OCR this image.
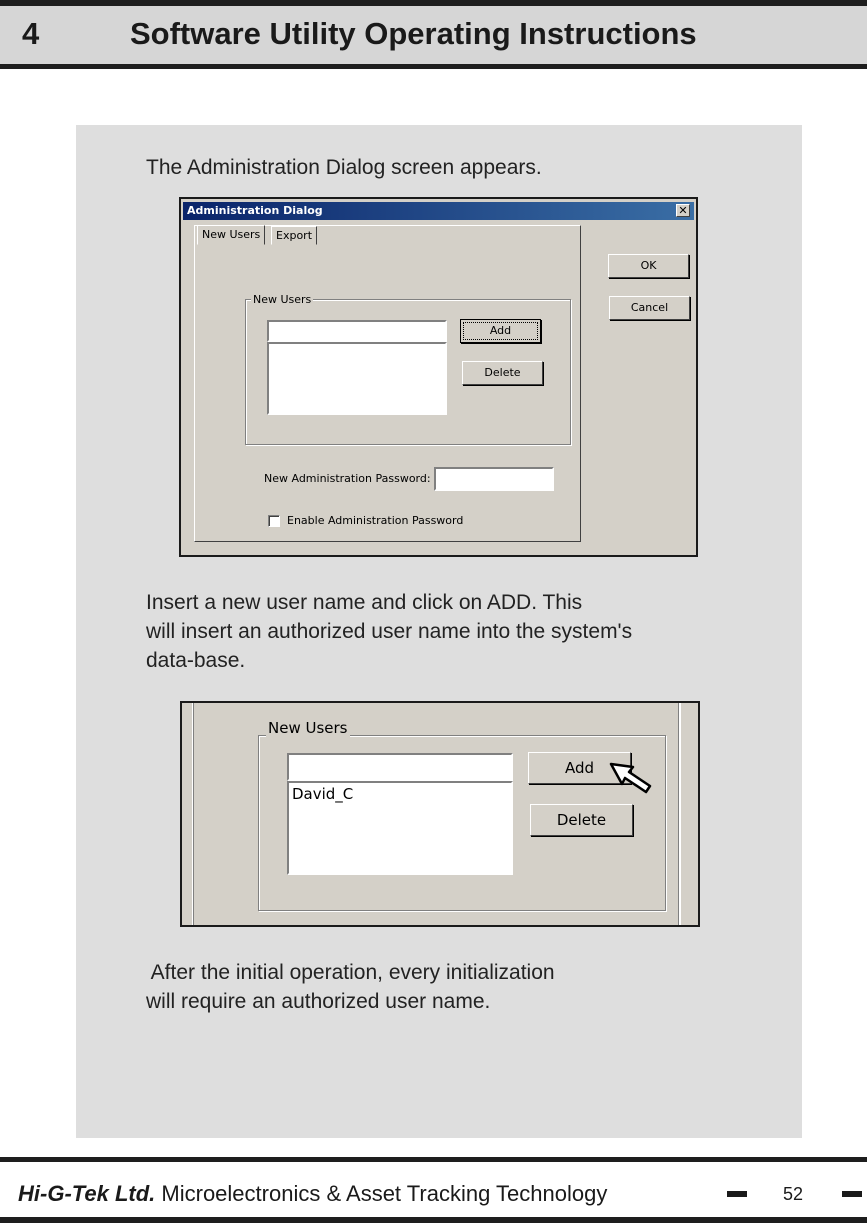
4	Software Utility Operating Instructions
The Administration Dialog screen appears.
Administration Dialog	✕
New Users	Export
OK
Cancel
New Users
Add
Delete
New Administration Password:
Enable Administration Password
Insert a new user name and click on ADD. This
will insert an authorized user name into the system's
data-base.
New Users
David_C
Add
Delete
After the initial operation, every initialization
will require an authorized user name.
Hi-G-Tek Ltd. Microelectronics & Asset Tracking Technology	52
